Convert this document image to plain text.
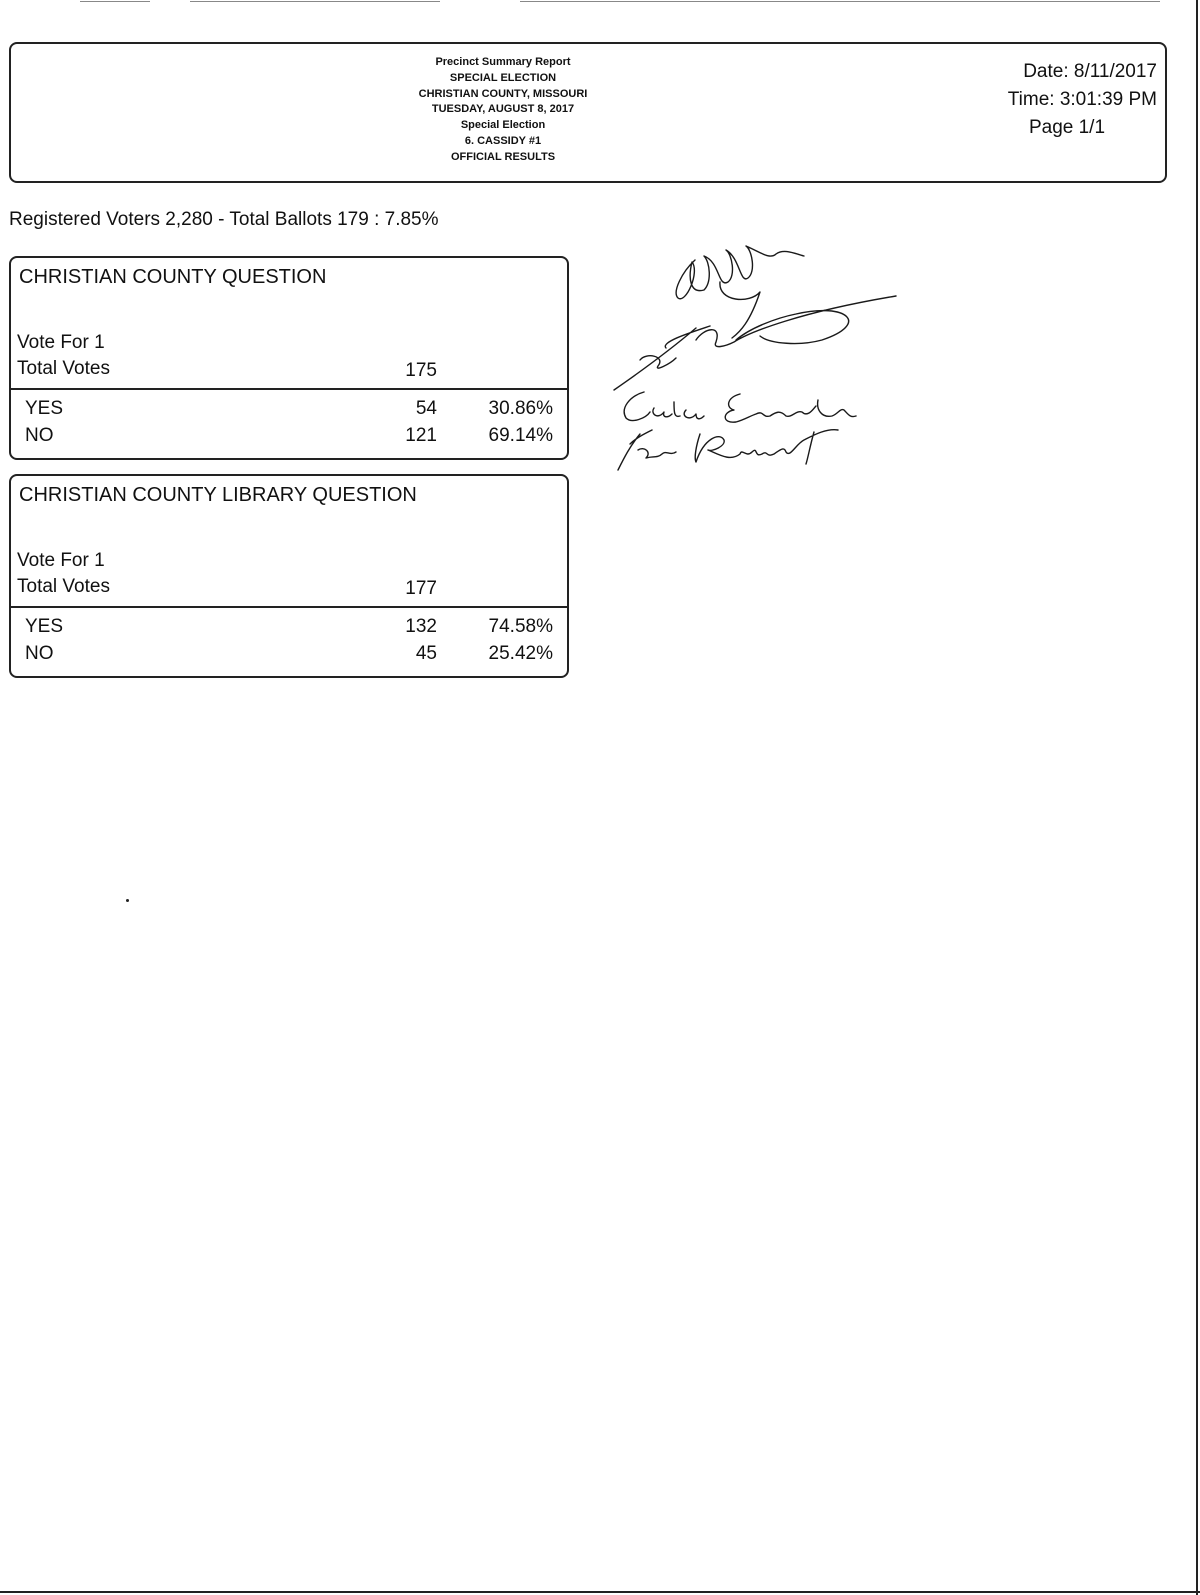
Precinct Summary Report
SPECIAL ELECTION
CHRISTIAN COUNTY, MISSOURI
TUESDAY, AUGUST 8, 2017
Special Election
6. CASSIDY #1
OFFICIAL RESULTS
Date: 8/11/2017
Time: 3:01:39 PM
Page 1/1
Registered Voters 2,280 - Total Ballots 179 : 7.85%
CHRISTIAN COUNTY QUESTION
Vote For 1
Total Votes	175
YES	54	30.86%
NO	121	69.14%
CHRISTIAN COUNTY LIBRARY QUESTION
Vote For 1
Total Votes	177
YES	132	74.58%
NO	45	25.42%
